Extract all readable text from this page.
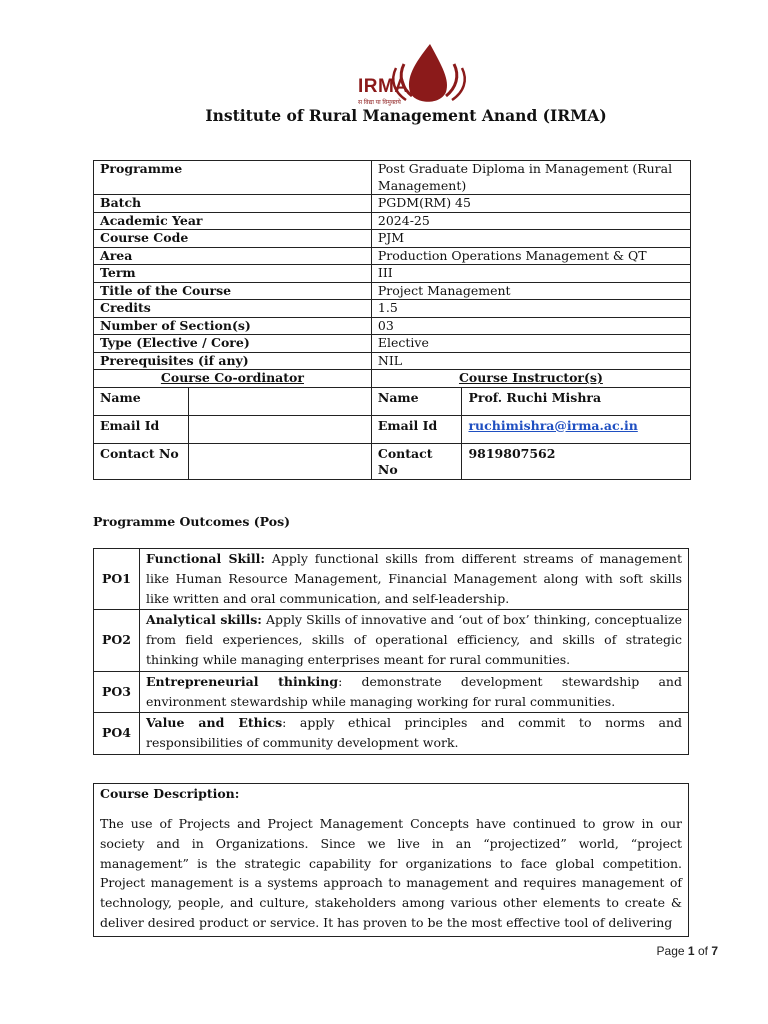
IRMA
स विद्या या विमुक्तये
Institute of Rural Management Anand (IRMA)
Programme		Post Graduate Diploma in Management (Rural Management)	
Batch		PGDM(RM) 45	
Academic Year		2024-25	
Course Code		PJM	
Area		Production Operations Management & QT	
Term		III	
Title of the Course		Project Management	
Credits		1.5	
Number of Section(s)		03	
Type (Elective / Core)		Elective	
Prerequisites (if any)		NIL	
Course Co-ordinator		Course Instructor(s)	
Name		Name	Prof. Ruchi Mishra
Email Id		Email Id	ruchimishra@irma.ac.in
Contact No		Contact No	9819807562
Programme Outcomes (Pos)
PO1	Functional Skill: Apply functional skills from different streams of management like Human Resource Management, Financial Management along with soft skills like written and oral communication, and self-leadership.
PO2	Analytical skills: Apply Skills of innovative and ‘out of box’ thinking, conceptualize from field experiences, skills of operational efficiency, and skills of strategic thinking while managing enterprises meant for rural communities.
PO3	Entrepreneurial thinking: demonstrate development stewardship and environment stewardship while managing working for rural communities.
PO4	Value and Ethics: apply ethical principles and commit to norms and responsibilities of community development work.
Course Description:

The use of Projects and Project Management Concepts have continued to grow in our society and in Organizations. Since we live in an “projectized” world, “project management” is the strategic capability for organizations to face global competition. Project management is a systems approach to management and requires management of technology, people, and culture, stakeholders among various other elements to create & deliver desired product or service. It has proven to be the most effective tool of delivering

Page 1 of 7
